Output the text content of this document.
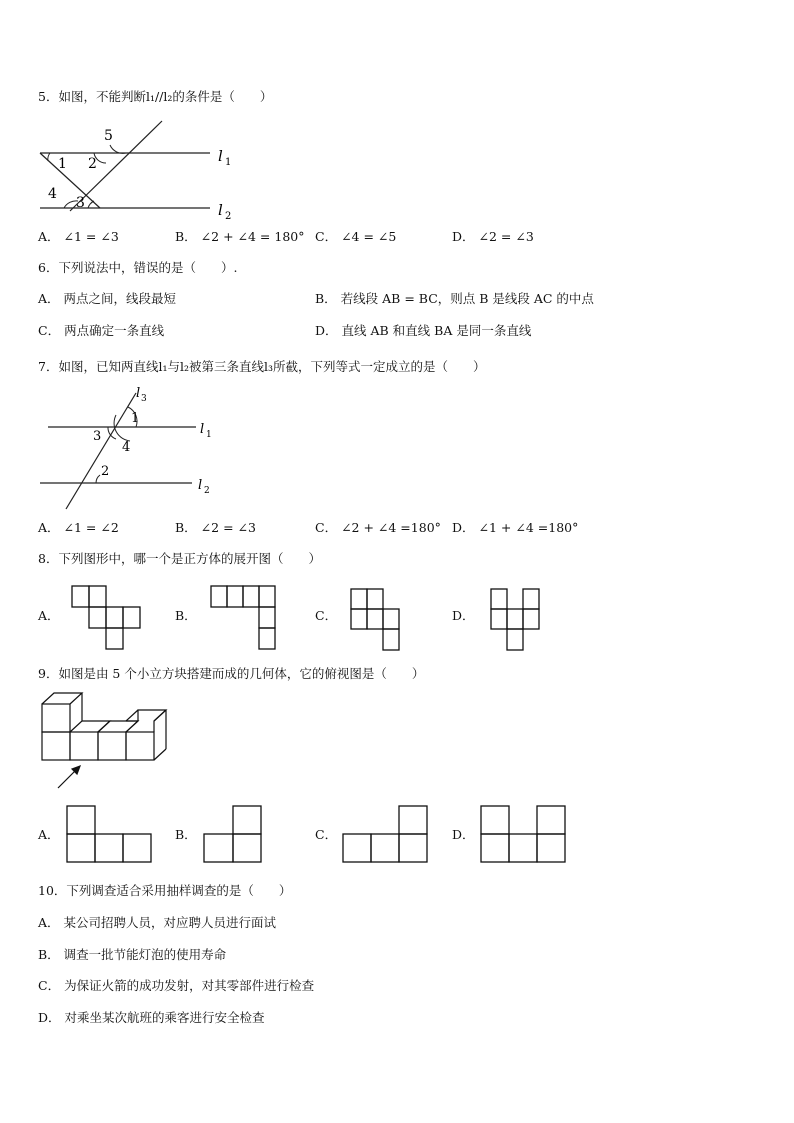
5．如图，不能判断l₁//l₂的条件是（　　）
1 2
5
4
3
l 1
l 2
A． ∠1 = ∠3	B． ∠2 + ∠4 = 180° C． ∠4 = ∠5	D． ∠2 = ∠3
6．下列说法中，错误的是（　　）.
A． 两点之间，线段最短	B． 若线段 AB = BC，则点 B 是线段 AC 的中点
C． 两点确定一条直线	D． 直线 AB 和直线 BA 是同一条直线
7．如图，已知两直线l₁与l₂被第三条直线l₃所截，下列等式一定成立的是（　　）
l 3
1
3
4
2
l 1
l 2
A． ∠1 = ∠2	B． ∠2 = ∠3	C． ∠2 + ∠4 =180° D． ∠1 + ∠4 =180°
8．下列图形中，哪一个是正方体的展开图（　　）
A．	B．	C．	D．
9．如图是由 5 个小立方块搭建而成的几何体，它的俯视图是（　　）
A．	B．	C．	D．
10．下列调查适合采用抽样调查的是（　　）
A． 某公司招聘人员，对应聘人员进行面试
B． 调查一批节能灯泡的使用寿命
C． 为保证火箭的成功发射，对其零部件进行检查
D． 对乘坐某次航班的乘客进行安全检查
